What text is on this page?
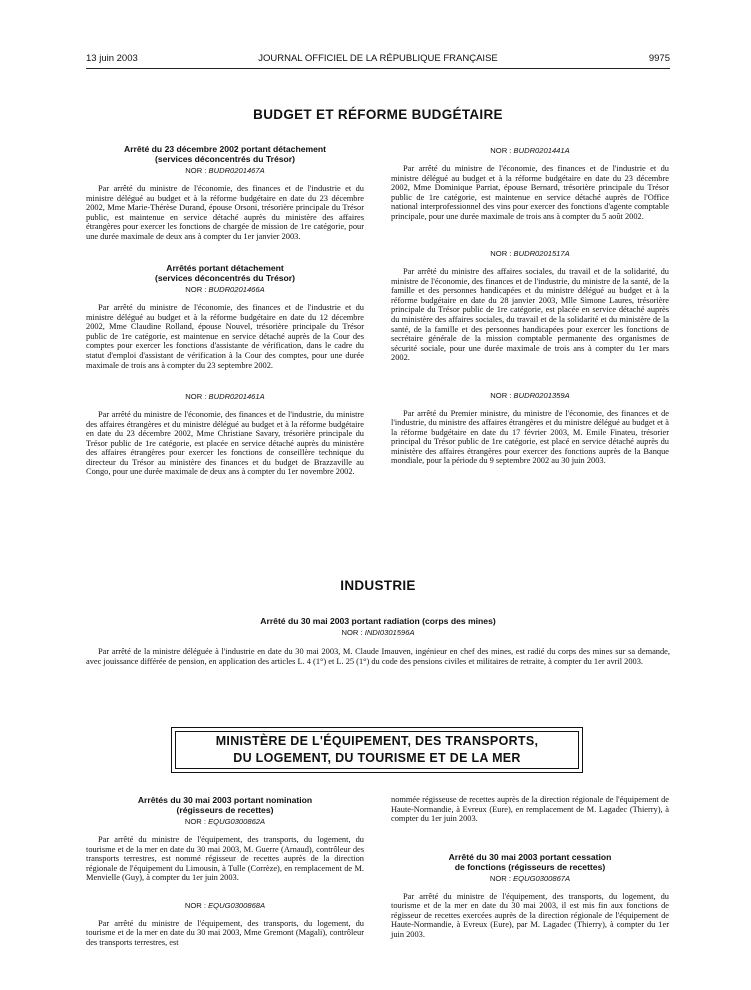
13 juin 2003	JOURNAL OFFICIEL DE LA RÉPUBLIQUE FRANÇAISE	9975
BUDGET ET RÉFORME BUDGÉTAIRE

Arrêté du 23 décembre 2002 portant détachement
(services déconcentrés du Trésor)

NOR : BUDR0201467A

Par arrêté du ministre de l'économie, des finances et de l'industrie et du ministre délégué au budget et à la réforme budgétaire en date du 23 décembre 2002, Mme Marie-Thérèse Durand, épouse Orsoni, trésorière principale du Trésor public, est maintenue en service détaché auprès du ministère des affaires étrangères pour exercer les fonctions de chargée de mission de 1re catégorie, pour une durée maximale de deux ans à compter du 1er janvier 2003.

Arrêtés portant détachement
(services déconcentrés du Trésor)

NOR : BUDR0201466A

Par arrêté du ministre de l'économie, des finances et de l'industrie et du ministre délégué au budget et à la réforme budgétaire en date du 12 décembre 2002, Mme Claudine Rolland, épouse Nouvel, trésorière principale du Trésor public de 1re catégorie, est maintenue en service détaché auprès de la Cour des comptes pour exercer les fonctions d'assistante de vérification, dans le cadre du statut d'emploi d'assistant de vérification à la Cour des comptes, pour une durée maximale de trois ans à compter du 23 septembre 2002.

NOR : BUDR0201461A

Par arrêté du ministre de l'économie, des finances et de l'industrie, du ministre des affaires étrangères et du ministre délégué au budget et à la réforme budgétaire en date du 23 décembre 2002, Mme Christiane Savary, trésorière principale du Trésor public de 1re catégorie, est placée en service détaché auprès du ministère des affaires étrangères pour exercer les fonctions de conseillère technique du directeur du Trésor au ministère des finances et du budget de Brazzaville au Congo, pour une durée maximale de deux ans à compter du 1er novembre 2002.

NOR : BUDR0201441A

Par arrêté du ministre de l'économie, des finances et de l'industrie et du ministre délégué au budget et à la réforme budgétaire en date du 23 décembre 2002, Mme Dominique Parriat, épouse Bernard, trésorière principale du Trésor public de 1re catégorie, est maintenue en service détaché auprès de l'Office national interprofessionnel des vins pour exercer des fonctions d'agente comptable principale, pour une durée maximale de trois ans à compter du 5 août 2002.

NOR : BUDR0201517A

Par arrêté du ministre des affaires sociales, du travail et de la solidarité, du ministre de l'économie, des finances et de l'industrie, du ministre de la santé, de la famille et des personnes handicapées et du ministre délégué au budget et à la réforme budgétaire en date du 28 janvier 2003, Mlle Simone Laures, trésorière principale du Trésor public de 1re catégorie, est placée en service détaché auprès du ministère des affaires sociales, du travail et de la solidarité et du ministère de la santé, de la famille et des personnes handicapées pour exercer les fonctions de secrétaire générale de la mission comptable permanente des organismes de sécurité sociale, pour une durée maximale de trois ans à compter du 1er mars 2002.

NOR : BUDR0201359A

Par arrêté du Premier ministre, du ministre de l'économie, des finances et de l'industrie, du ministre des affaires étrangères et du ministre délégué au budget et à la réforme budgétaire en date du 17 février 2003, M. Emile Finateu, trésorier principal du Trésor public de 1re catégorie, est placé en service détaché auprès du ministère des affaires étrangères pour exercer des fonctions auprès de la Banque mondiale, pour la période du 9 septembre 2002 au 30 juin 2003.

INDUSTRIE

Arrêté du 30 mai 2003 portant radiation (corps des mines)

NOR : INDI0301596A

Par arrêté de la ministre déléguée à l'industrie en date du 30 mai 2003, M. Claude Imauven, ingénieur en chef des mines, est radié du corps des mines sur sa demande, avec jouissance différée de pension, en application des articles L. 4 (1°) et L. 25 (1°) du code des pensions civiles et militaires de retraite, à compter du 1er avril 2003.

MINISTÈRE DE L'ÉQUIPEMENT, DES TRANSPORTS,
DU LOGEMENT, DU TOURISME ET DE LA MER

Arrêtés du 30 mai 2003 portant nomination
(régisseurs de recettes)

NOR : EQUG0300862A

Par arrêté du ministre de l'équipement, des transports, du logement, du tourisme et de la mer en date du 30 mai 2003, M. Guerre (Arnaud), contrôleur des transports terrestres, est nommé régisseur de recettes auprès de la direction régionale de l'équipement du Limousin, à Tulle (Corrèze), en remplacement de M. Menvielle (Guy), à compter du 1er juin 2003.

NOR : EQUG0300868A

Par arrêté du ministre de l'équipement, des transports, du logement, du tourisme et de la mer en date du 30 mai 2003, Mme Gremont (Magali), contrôleur des transports terrestres, est

nommée régisseuse de recettes auprès de la direction régionale de l'équipement de Haute-Normandie, à Evreux (Eure), en remplacement de M. Lagadec (Thierry), à compter du 1er juin 2003.

Arrêté du 30 mai 2003 portant cessation
de fonctions (régisseurs de recettes)

NOR : EQUG0300867A

Par arrêté du ministre de l'équipement, des transports, du logement, du tourisme et de la mer en date du 30 mai 2003, il est mis fin aux fonctions de régisseur de recettes exercées auprès de la direction régionale de l'équipement de Haute-Normandie, à Evreux (Eure), par M. Lagadec (Thierry), à compter du 1er juin 2003.
